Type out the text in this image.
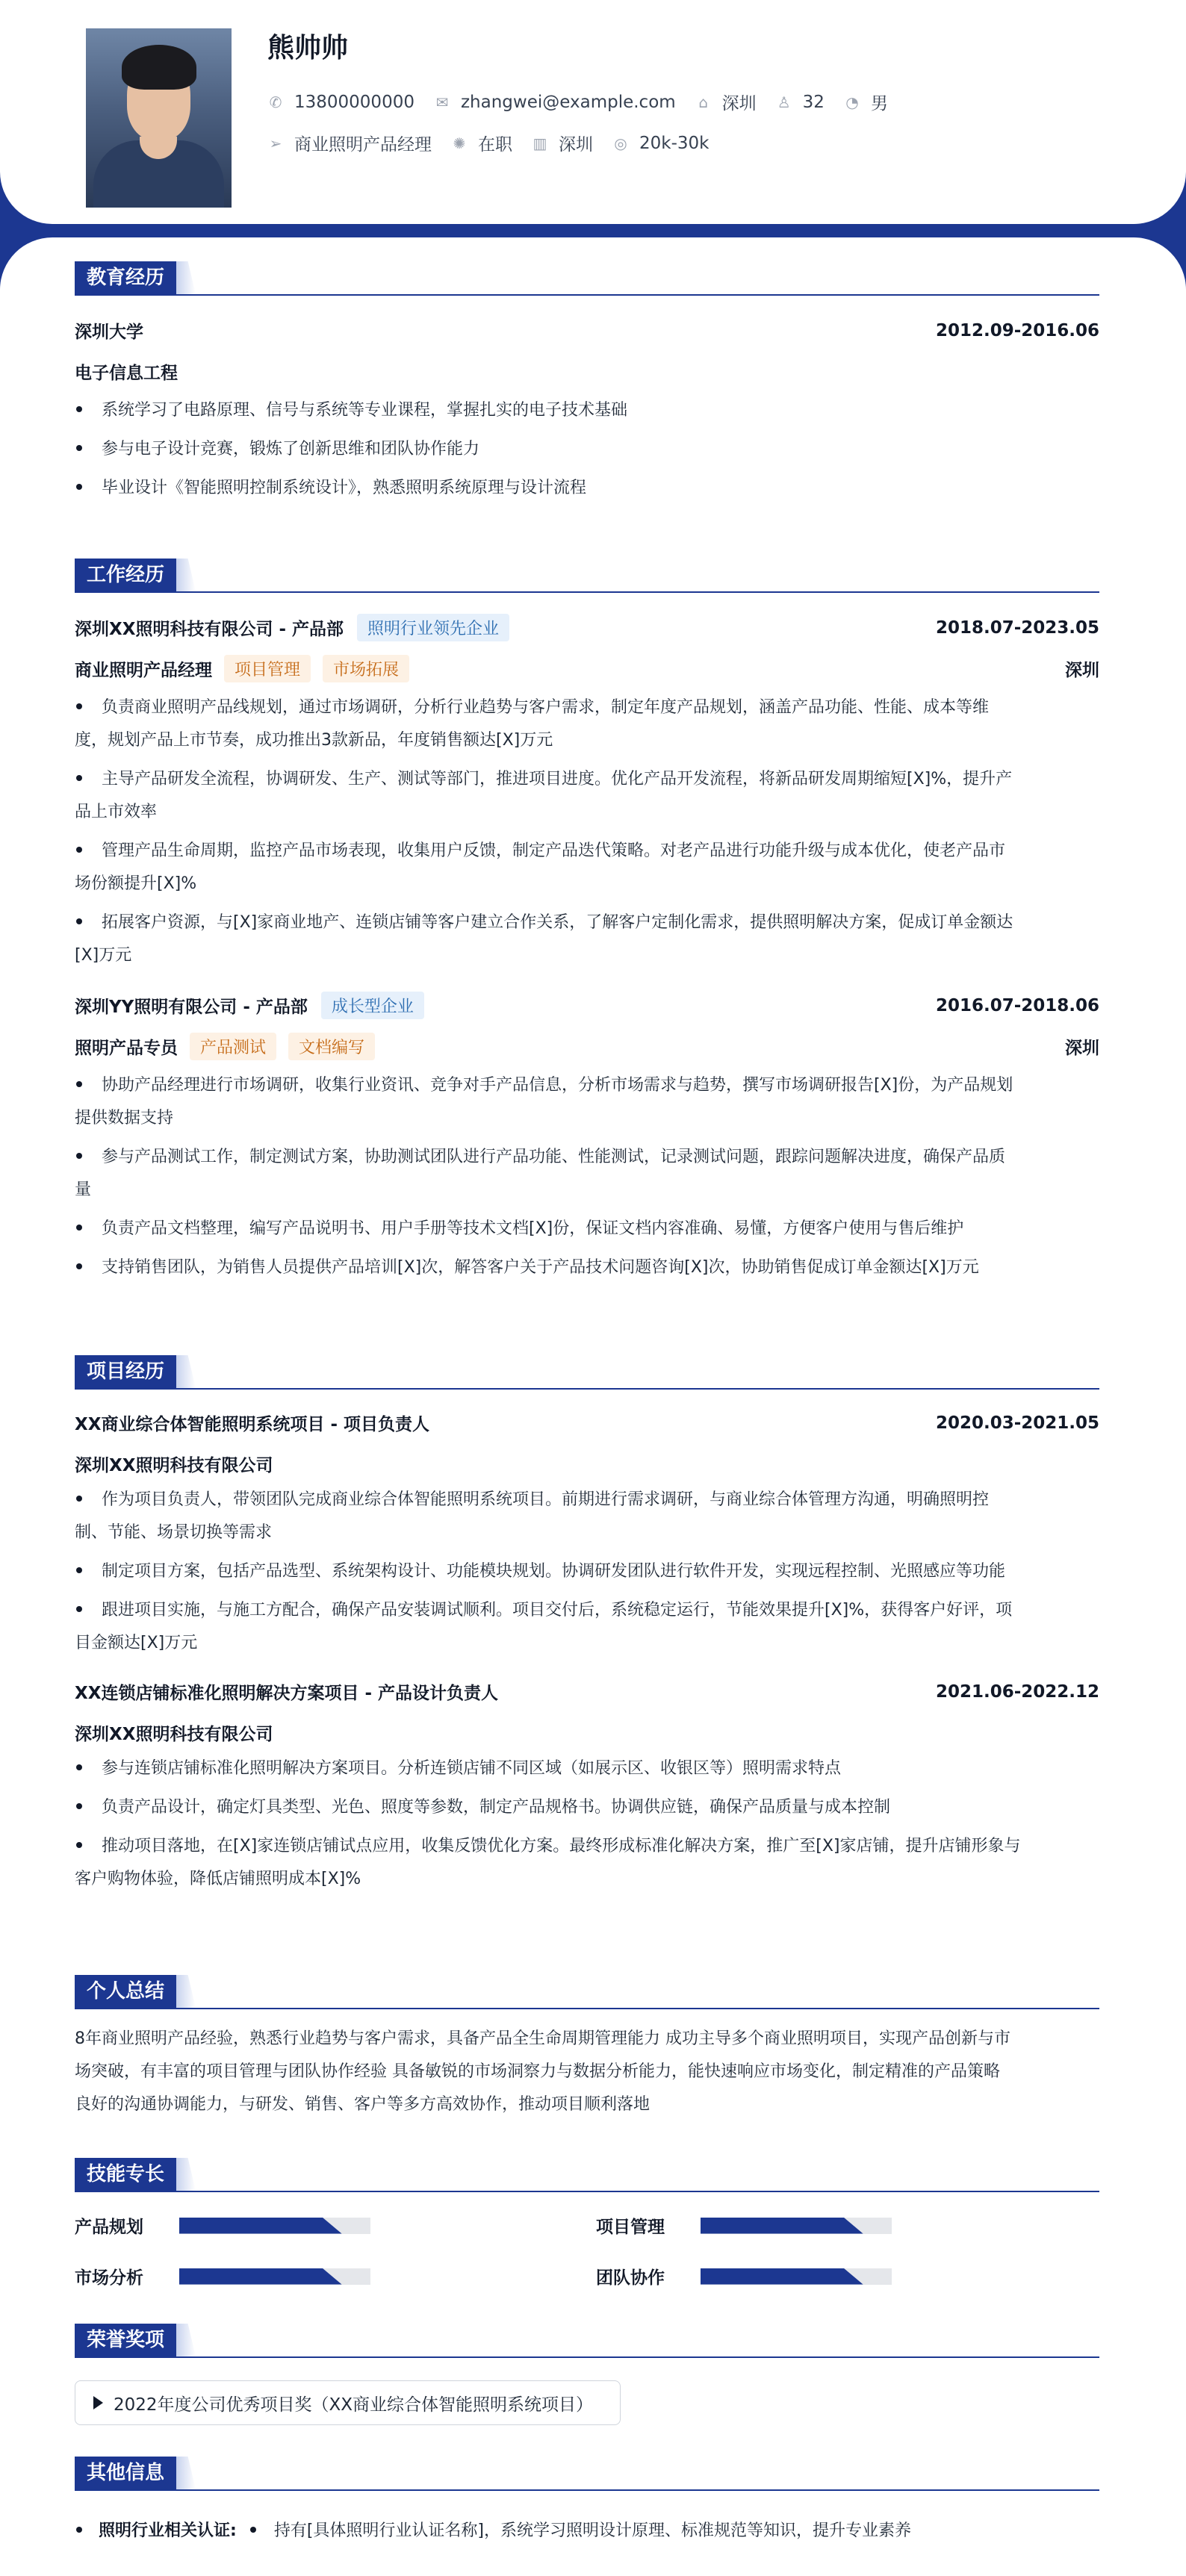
熊帅帅
✆ 13800000000 ✉ zhangwei@example.com ⌂ 深圳 ♙ 32 ◔ 男
➢ 商业照明产品经理 ✺ 在职 ▥ 深圳 ◎ 20k-30k
教育经历
深圳大学	2012.09-2016.06
电子信息工程
系统学习了电路原理、信号与系统等专业课程，掌握扎实的电子技术基础
参与电子设计竞赛，锻炼了创新思维和团队协作能力
毕业设计《智能照明控制系统设计》，熟悉照明系统原理与设计流程
工作经历
深圳XX照明科技有限公司 - 产品部	照明行业领先企业	2018.07-2023.05
商业照明产品经理	项目管理	市场拓展	深圳
负责商业照明产品线规划，通过市场调研，分析行业趋势与客户需求，制定年度产品规划，涵盖产品功能、性能、成本等维
度，规划产品上市节奏，成功推出3款新品，年度销售额达[X]万元
主导产品研发全流程，协调研发、生产、测试等部门，推进项目进度。优化产品开发流程，将新品研发周期缩短[X]%，提升产
品上市效率
管理产品生命周期，监控产品市场表现，收集用户反馈，制定产品迭代策略。对老产品进行功能升级与成本优化，使老产品市
场份额提升[X]%
拓展客户资源，与[X]家商业地产、连锁店铺等客户建立合作关系，了解客户定制化需求，提供照明解决方案，促成订单金额达
[X]万元
深圳YY照明有限公司 - 产品部	成长型企业	2016.07-2018.06
照明产品专员	产品测试	文档编写	深圳
协助产品经理进行市场调研，收集行业资讯、竞争对手产品信息，分析市场需求与趋势，撰写市场调研报告[X]份，为产品规划
提供数据支持
参与产品测试工作，制定测试方案，协助测试团队进行产品功能、性能测试，记录测试问题，跟踪问题解决进度，确保产品质
量
负责产品文档整理，编写产品说明书、用户手册等技术文档[X]份，保证文档内容准确、易懂，方便客户使用与售后维护
支持销售团队，为销售人员提供产品培训[X]次，解答客户关于产品技术问题咨询[X]次，协助销售促成订单金额达[X]万元
项目经历
XX商业综合体智能照明系统项目 - 项目负责人	2020.03-2021.05
深圳XX照明科技有限公司
作为项目负责人，带领团队完成商业综合体智能照明系统项目。前期进行需求调研，与商业综合体管理方沟通，明确照明控
制、节能、场景切换等需求
制定项目方案，包括产品选型、系统架构设计、功能模块规划。协调研发团队进行软件开发，实现远程控制、光照感应等功能
跟进项目实施，与施工方配合，确保产品安装调试顺利。项目交付后，系统稳定运行，节能效果提升[X]%，获得客户好评，项
目金额达[X]万元
XX连锁店铺标准化照明解决方案项目 - 产品设计负责人	2021.06-2022.12
深圳XX照明科技有限公司
参与连锁店铺标准化照明解决方案项目。分析连锁店铺不同区域（如展示区、收银区等）照明需求特点
负责产品设计，确定灯具类型、光色、照度等参数，制定产品规格书。协调供应链，确保产品质量与成本控制
推动项目落地，在[X]家连锁店铺试点应用，收集反馈优化方案。最终形成标准化解决方案，推广至[X]家店铺，提升店铺形象与
客户购物体验，降低店铺照明成本[X]%
个人总结
8年商业照明产品经验，熟悉行业趋势与客户需求，具备产品全生命周期管理能力 成功主导多个商业照明项目，实现产品创新与市
场突破，有丰富的项目管理与团队协作经验 具备敏锐的市场洞察力与数据分析能力，能快速响应市场变化，制定精准的产品策略
良好的沟通协调能力，与研发、销售、客户等多方高效协作，推动项目顺利落地
技能专长
产品规划	项目管理
市场分析	团队协作
荣誉奖项
2022年度公司优秀项目奖（XX商业综合体智能照明系统项目）
其他信息
照明行业相关认证: 持有[具体照明行业认证名称]，系统学习照明设计原理、标准规范等知识，提升专业素养
